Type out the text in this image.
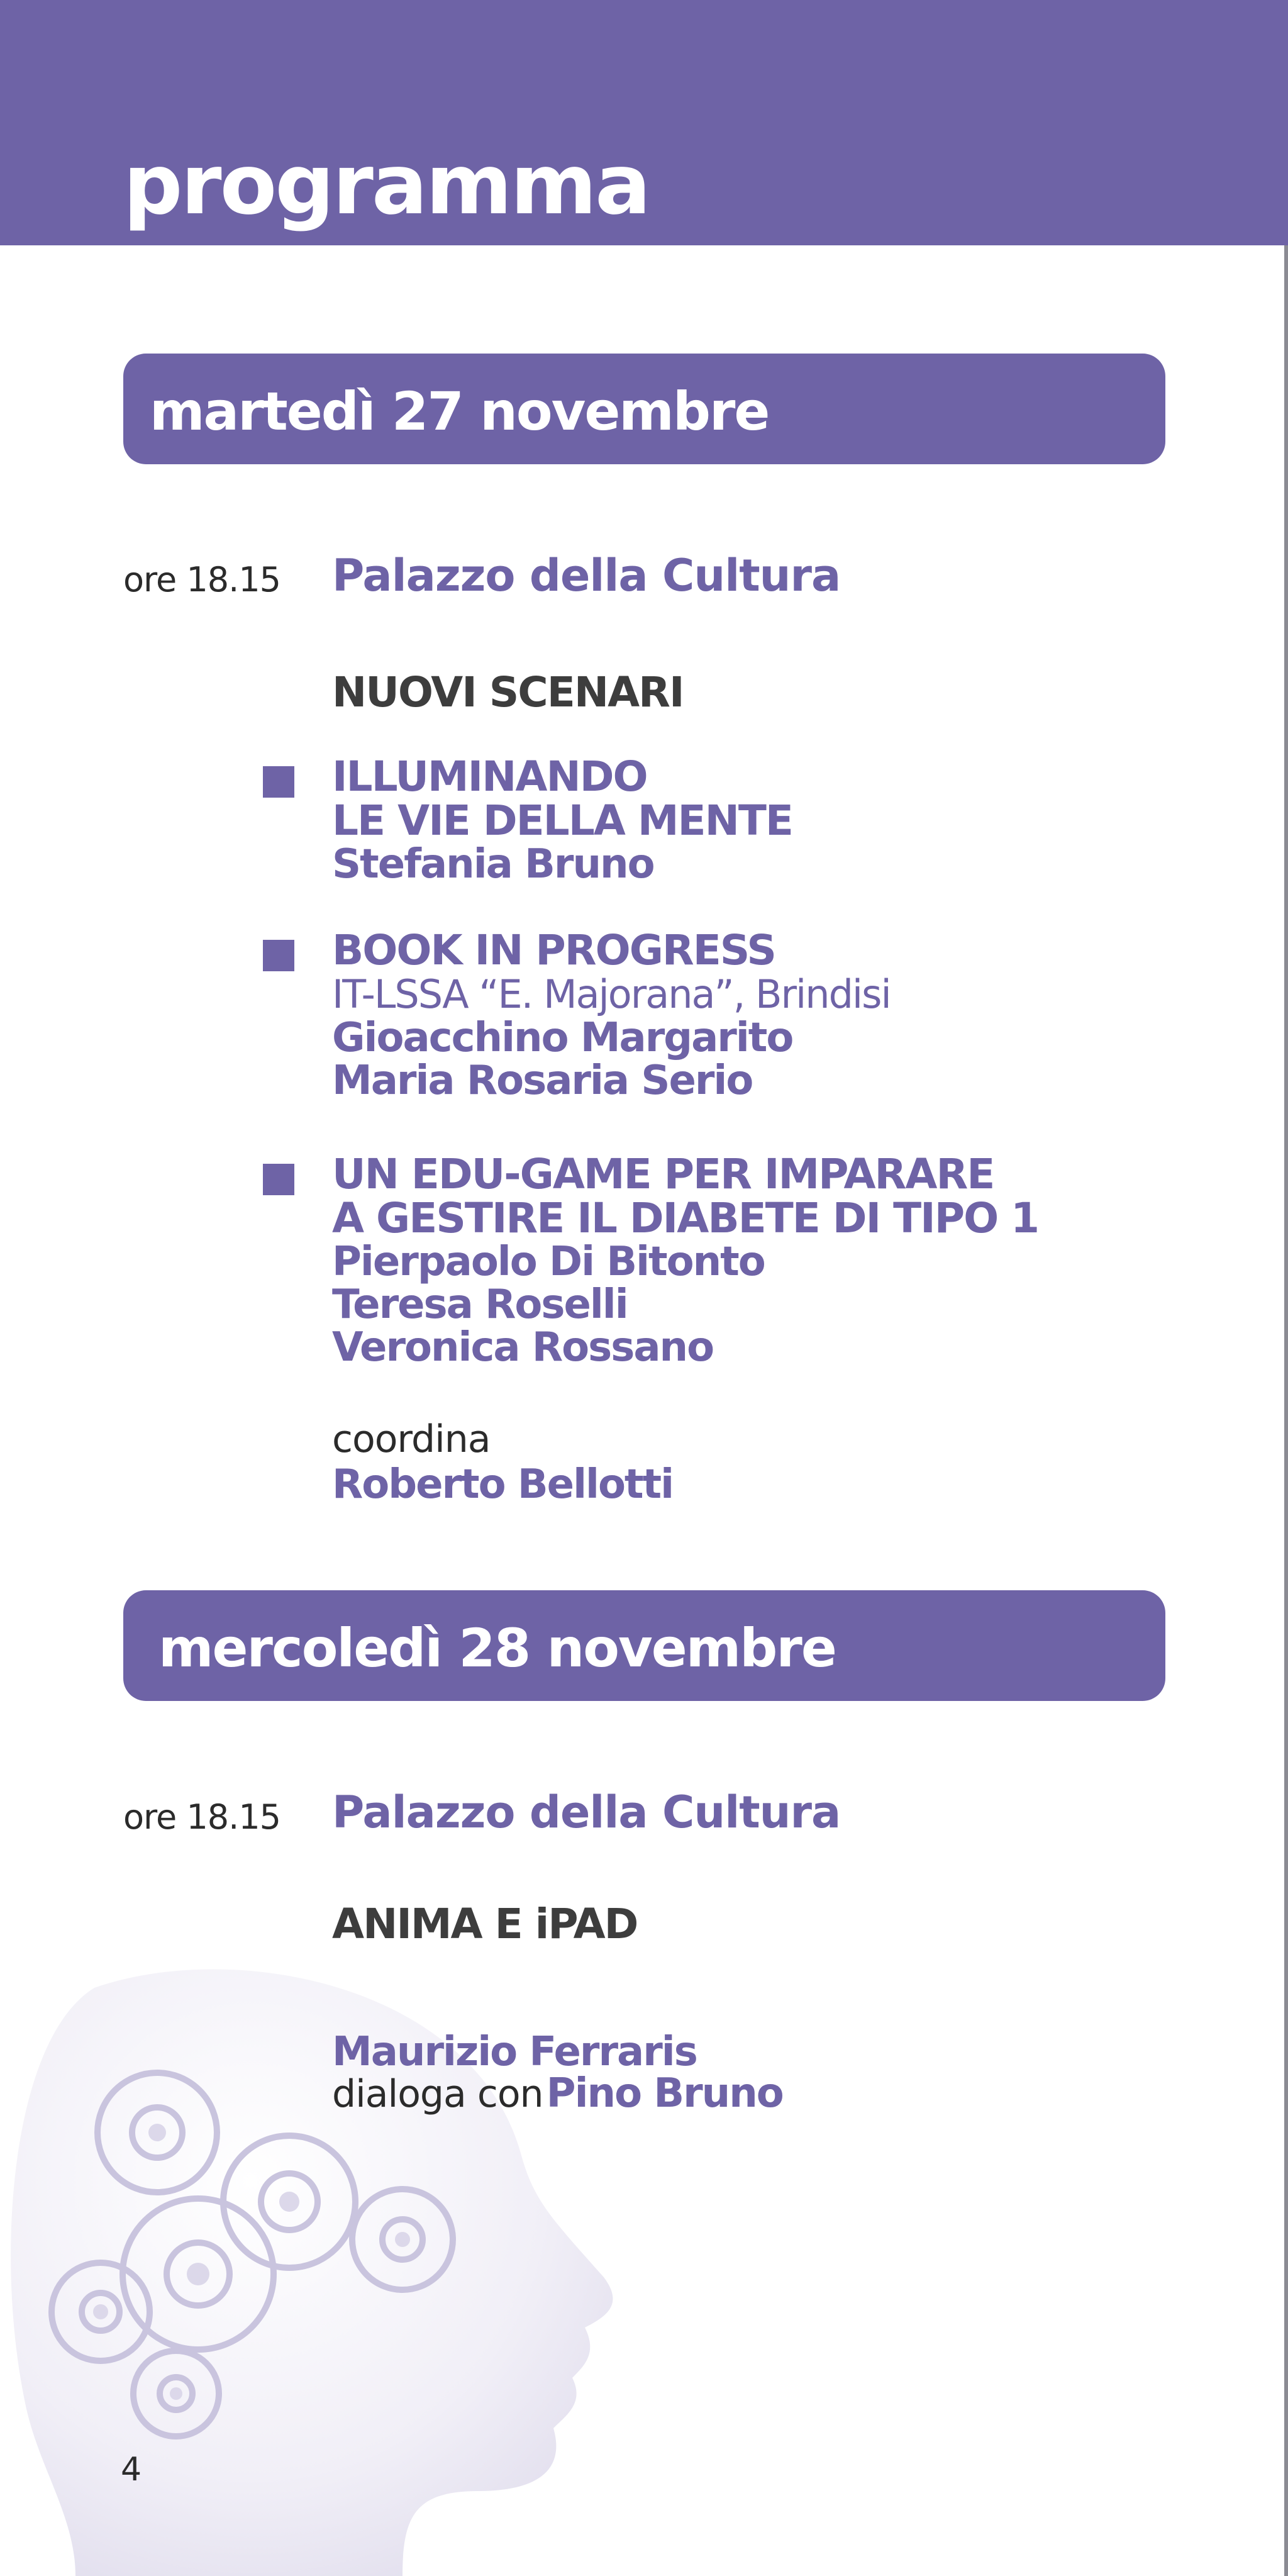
programma
martedì 27 novembre
ore 18.15 Palazzo della Cultura
NUOVI SCENARI
ILLUMINANDO
LE VIE DELLA MENTE
Stefania Bruno
BOOK IN PROGRESS
IT-LSSA “E. Majorana”, Brindisi
Gioacchino Margarito
Maria Rosaria Serio
UN EDU-GAME PER IMPARARE
A GESTIRE IL DIABETE DI TIPO 1
Pierpaolo Di Bitonto
Teresa Roselli
Veronica Rossano
coordina
Roberto Bellotti
mercoledì 28 novembre
ore 18.15 Palazzo della Cultura
ANIMA E iPAD
Maurizio Ferraris
dialoga con Pino Bruno
4
